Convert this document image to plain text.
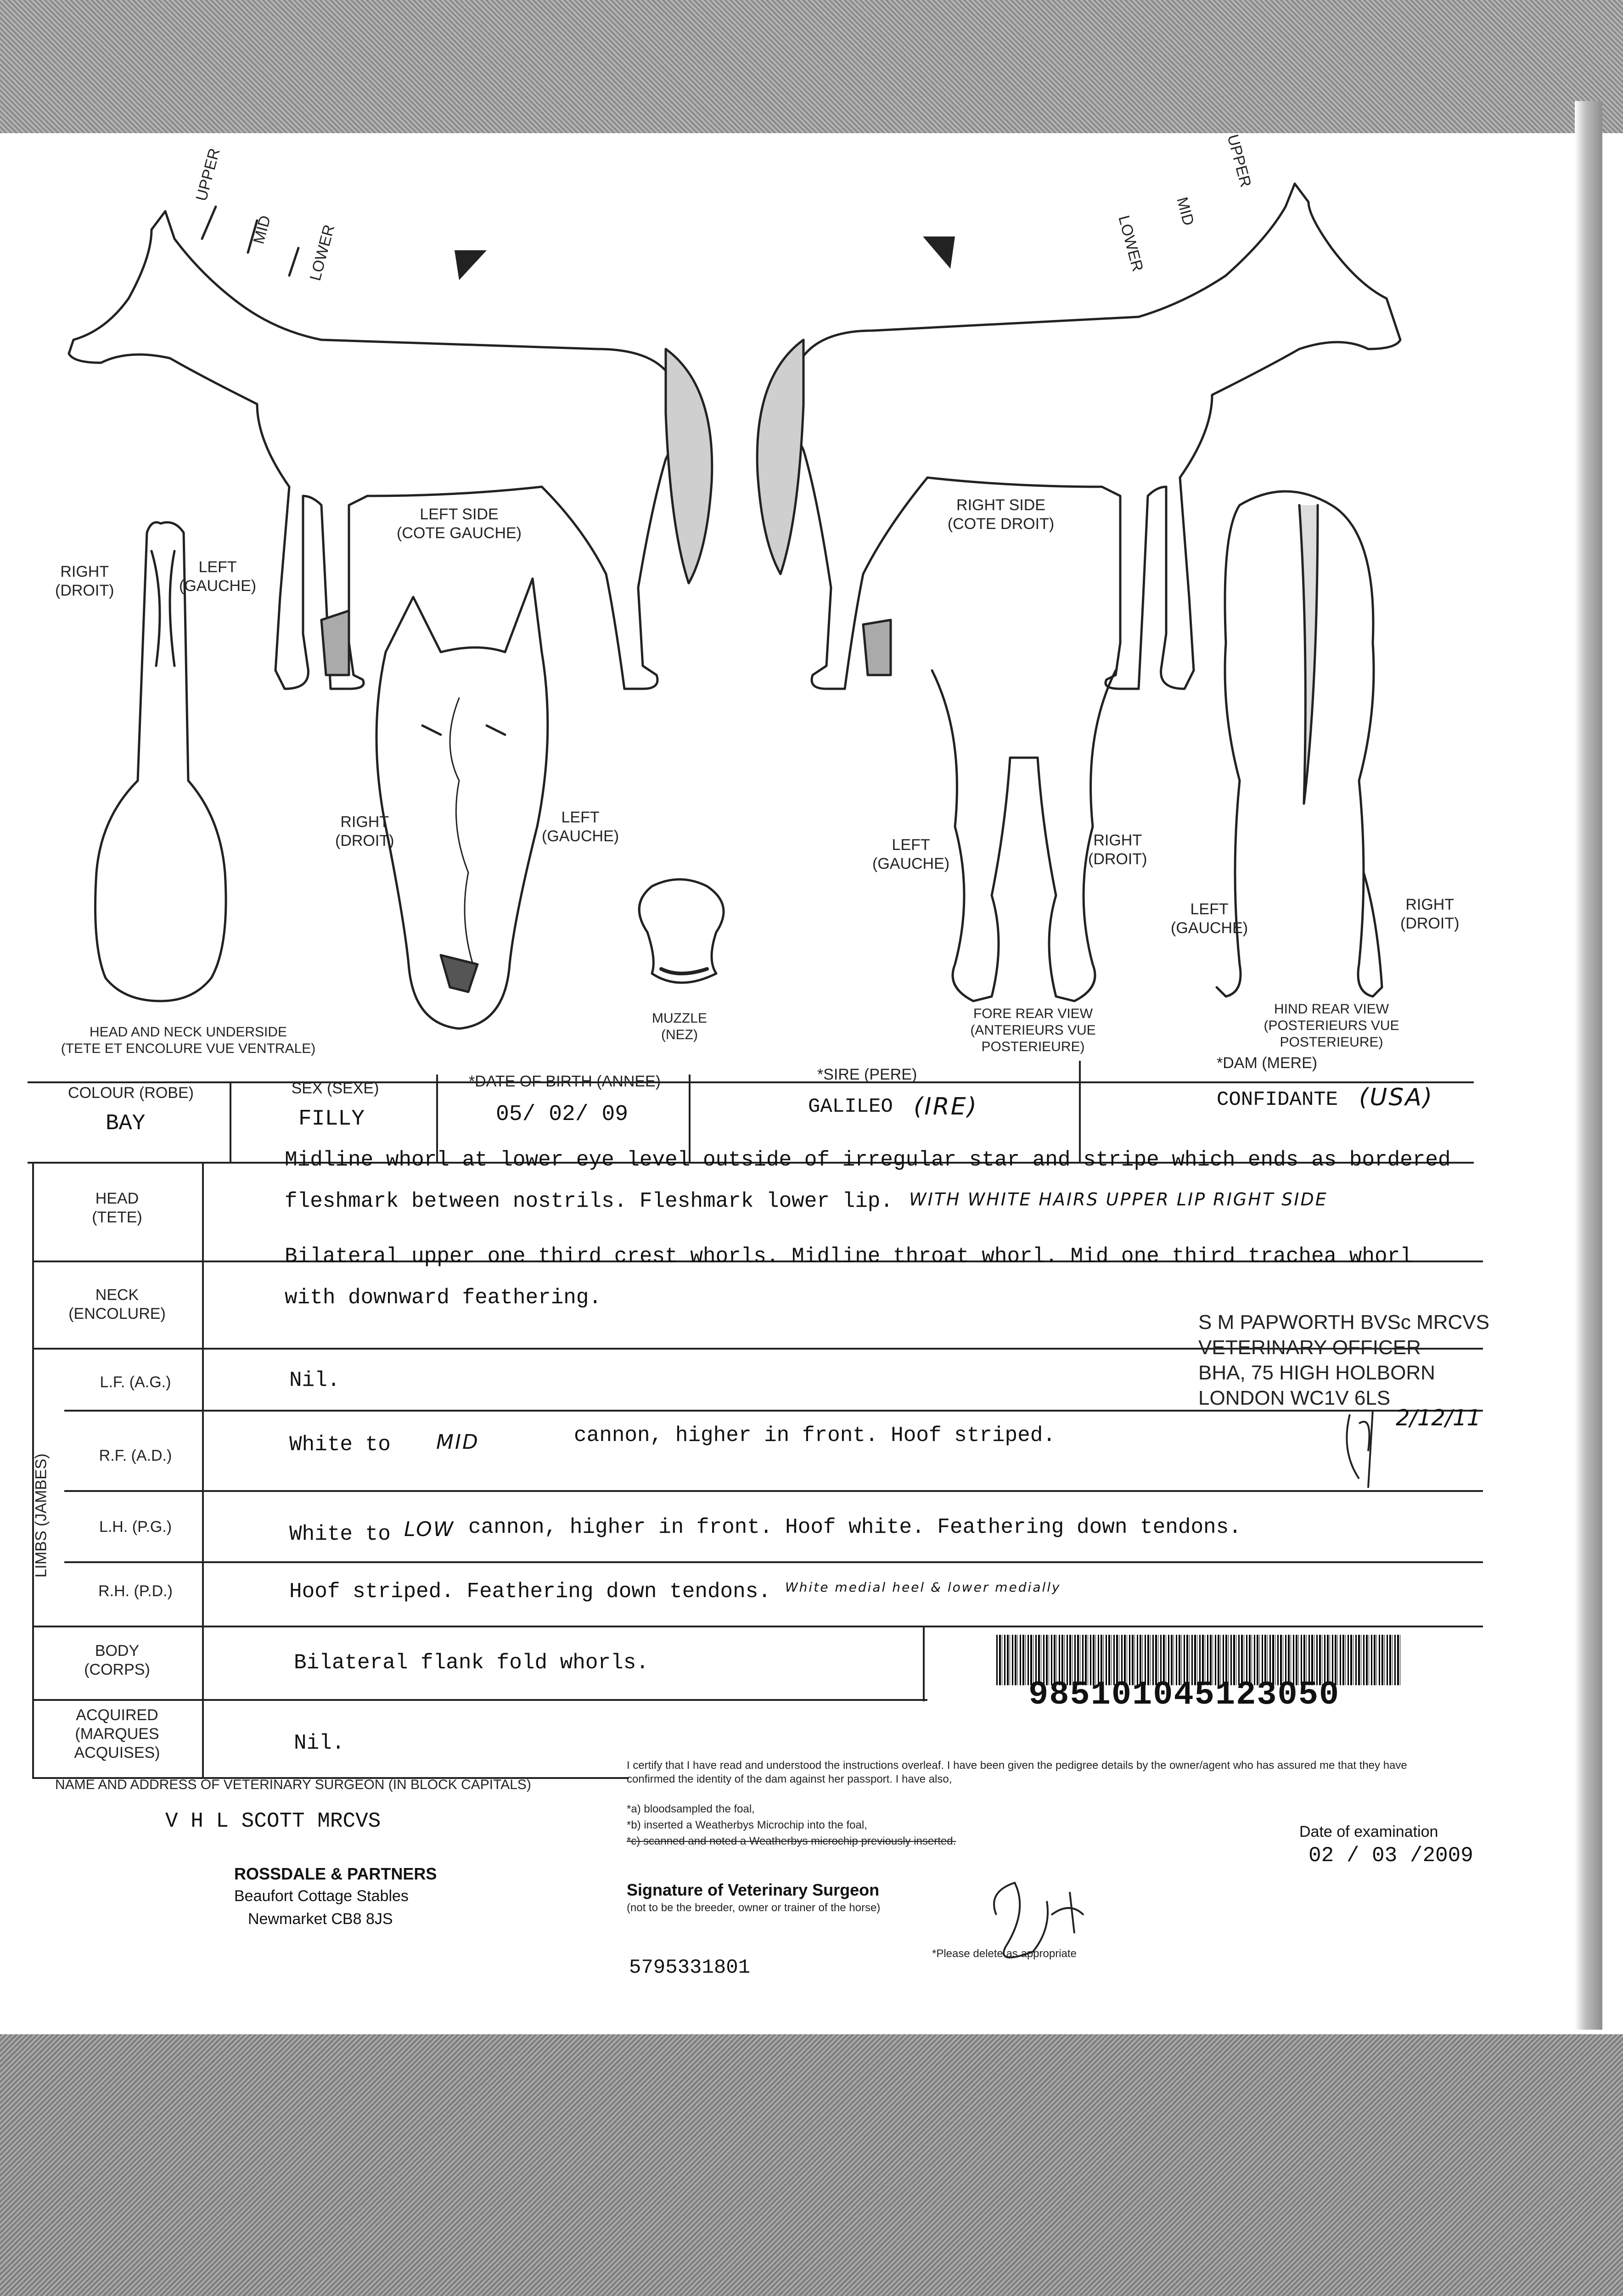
UPPER
MID LOWER
UPPER
MID
LOWER
LEFT SIDE
(COTE GAUCHE)
RIGHT SIDE
(COTE DROIT)
RIGHT
(DROIT)
LEFT
(GAUCHE)
RIGHT
(DROIT)
LEFT
(GAUCHE)
LEFT
(GAUCHE)
RIGHT
(DROIT)
LEFT
(GAUCHE)
RIGHT
(DROIT)
HEAD AND NECK UNDERSIDE
(TETE ET ENCOLURE VUE VENTRALE)
MUZZLE
(NEZ)
FORE REAR VIEW
(ANTERIEURS VUE
POSTERIEURE)
HIND REAR VIEW
(POSTERIEURS VUE
POSTERIEURE)
COLOUR (ROBE)
BAY
SEX (SEXE)
FILLY
*DATE OF BIRTH (ANNEE)
05/ 02/ 09
*SIRE (PERE)
GALILEO (IRE)
*DAM (MERE)
CONFIDANTE (USA)
HEAD
(TETE)
Midline whorl at lower eye level outside of irregular star and stripe which ends as bordered
fleshmark between nostrils. Fleshmark lower lip. WITH WHITE HAIRS UPPER LIP RIGHT SIDE
NECK
(ENCOLURE)
Bilateral upper one third crest whorls. Midline throat whorl. Mid one third trachea whorl
with downward feathering.
LIMBS (JAMBES)
L.F. (A.G.)	Nil.
R.F. (A.D.)	White to MID	cannon, higher in front. Hoof striped.
L.H. (P.G.)	White to LOW cannon, higher in front. Hoof white. Feathering down tendons.
R.H. (P.D.)	Hoof striped. Feathering down tendons. White medial heel & lower medially
BODY
(CORPS)	Bilateral flank fold whorls.
ACQUIRED
(MARQUES
ACQUISES)	Nil.
S M PAPWORTH BVSc MRCVS
VETERINARY OFFICER
BHA, 75 HIGH HOLBORN
LONDON WC1V 6LS
2/12/11
985101045123050
NAME AND ADDRESS OF VETERINARY SURGEON (IN BLOCK CAPITALS)
V H L SCOTT MRCVS
ROSSDALE & PARTNERS
Beaufort Cottage Stables
Newmarket CB8 8JS
I certify that I have read and understood the instructions overleaf. I have been given the pedigree details by the owner/agent who has assured me that they have confirmed the identity of the dam against her passport. I have also,
*a) bloodsampled the foal,
*b) inserted a Weatherbys Microchip into the foal,
*c) scanned and noted a Weatherbys microchip previously inserted.
Signature of Veterinary Surgeon
(not to be the breeder, owner or trainer of the horse)
*Please delete as appropriate
Date of examination
02 / 03 /2009
5795331801
